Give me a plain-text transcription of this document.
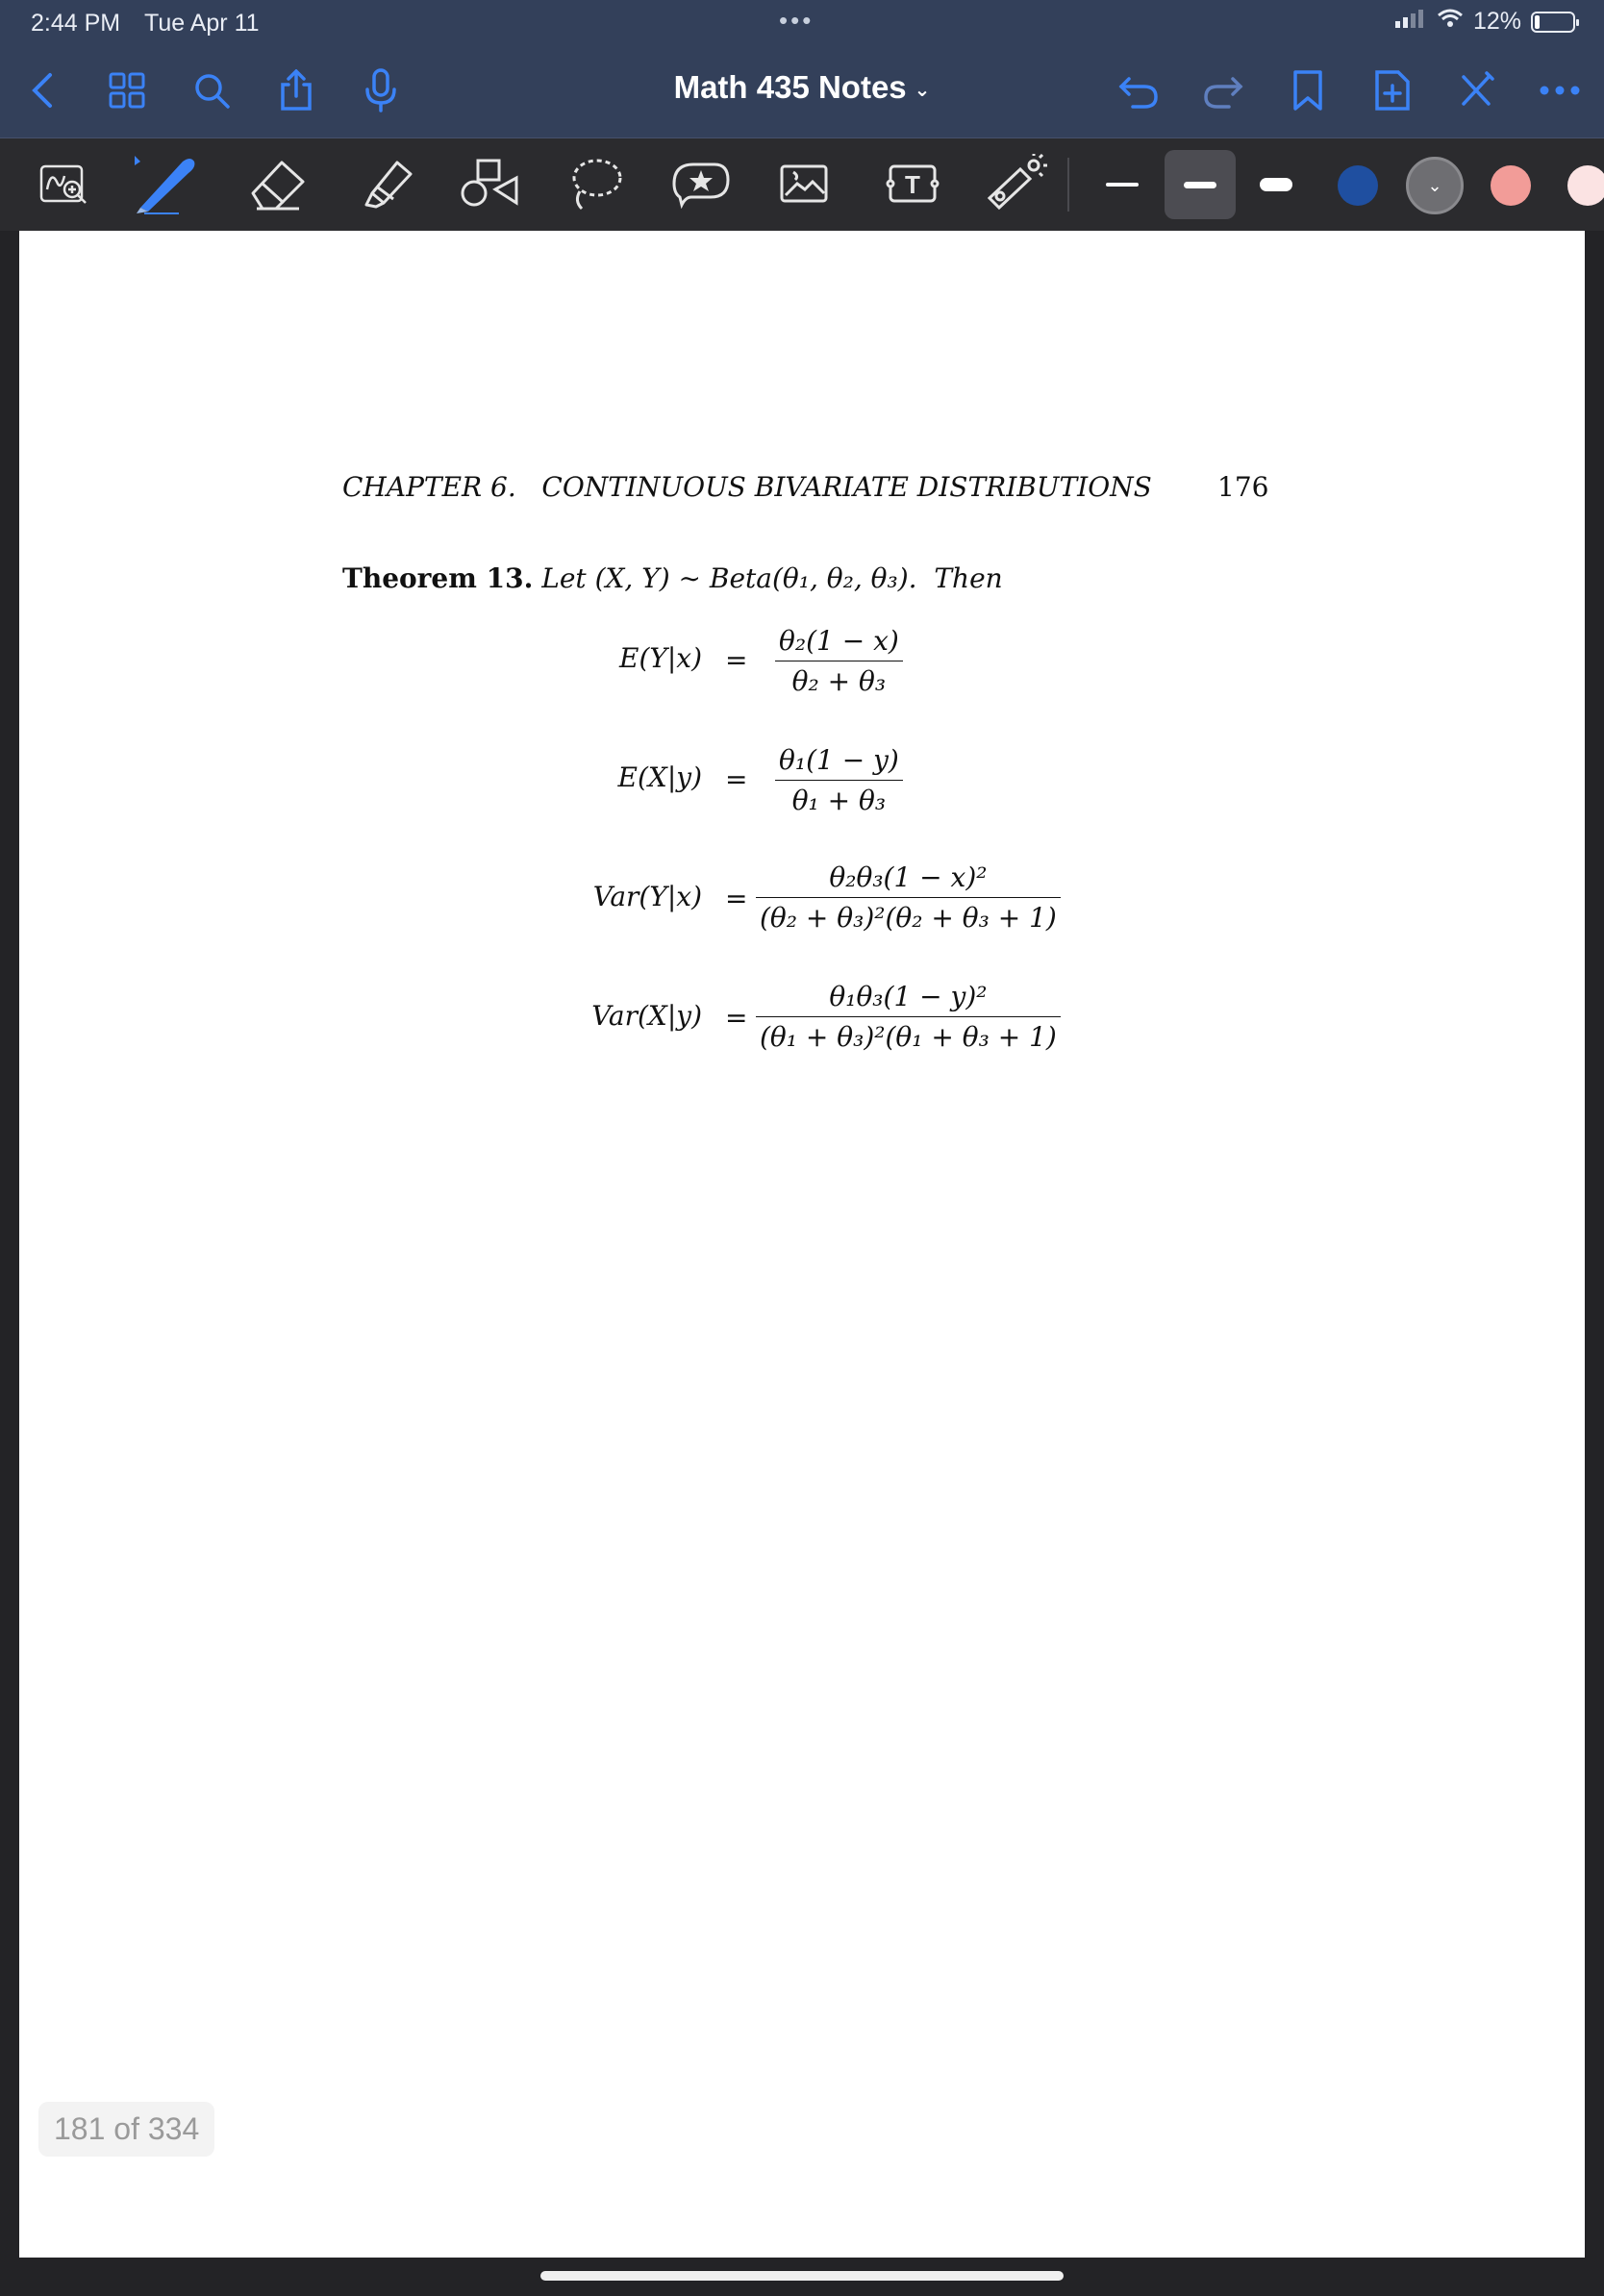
2:44 PM Tue Apr 11	•••	12%
Math 435 Notes ⌄
T	⌄
CHAPTER 6.   CONTINUOUS BIVARIATE DISTRIBUTIONS 176
Theorem 13. Let (X, Y) ∼ Beta(θ₁, θ₂, θ₃).  Then
E(Y|x) =
θ₂(1 − x)
θ₂ + θ₃
E(X|y) =
θ₁(1 − y)
θ₁ + θ₃
Var(Y|x) =
θ₂θ₃(1 − x)²
(θ₂ + θ₃)²(θ₂ + θ₃ + 1)
Var(X|y) =
θ₁θ₃(1 − y)²
(θ₁ + θ₃)²(θ₁ + θ₃ + 1)
181 of 334
